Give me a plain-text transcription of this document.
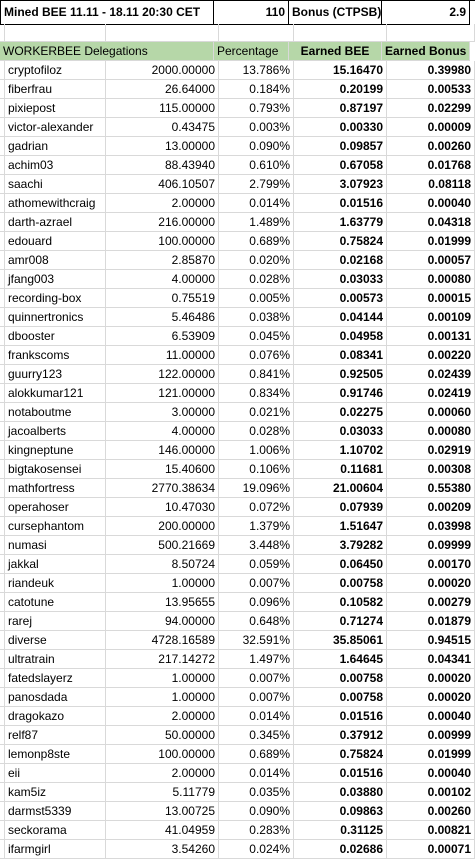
Mined BEE 11.11 - 18.11 20:30 CET	110 Bonus (CTPSB)	2.9
WORKERBEE Delegations	Percentage	Earned BEE	Earned Bonus
cryptofiloz	2000.00000	13.786%	15.16470	0.39980
fiberfrau	26.64000	0.184%	0.20199	0.00533
pixiepost	115.00000	0.793%	0.87197	0.02299
victor-alexander	0.43475	0.003%	0.00330	0.00009
gadrian	13.00000	0.090%	0.09857	0.00260
achim03	88.43940	0.610%	0.67058	0.01768
saachi	406.10507	2.799%	3.07923	0.08118
athomewithcraig	2.00000	0.014%	0.01516	0.00040
darth-azrael	216.00000	1.489%	1.63779	0.04318
edouard	100.00000	0.689%	0.75824	0.01999
amr008	2.85870	0.020%	0.02168	0.00057
jfang003	4.00000	0.028%	0.03033	0.00080
recording-box	0.75519	0.005%	0.00573	0.00015
quinnertronics	5.46486	0.038%	0.04144	0.00109
dbooster	6.53909	0.045%	0.04958	0.00131
frankscoms	11.00000	0.076%	0.08341	0.00220
guurry123	122.00000	0.841%	0.92505	0.02439
alokkumar121	121.00000	0.834%	0.91746	0.02419
notaboutme	3.00000	0.021%	0.02275	0.00060
jacoalberts	4.00000	0.028%	0.03033	0.00080
kingneptune	146.00000	1.006%	1.10702	0.02919
bigtakosensei	15.40600	0.106%	0.11681	0.00308
mathfortress	2770.38634	19.096%	21.00604	0.55380
operahoser	10.47030	0.072%	0.07939	0.00209
cursephantom	200.00000	1.379%	1.51647	0.03998
numasi	500.21669	3.448%	3.79282	0.09999
jakkal	8.50724	0.059%	0.06450	0.00170
riandeuk	1.00000	0.007%	0.00758	0.00020
catotune	13.95655	0.096%	0.10582	0.00279
rarej	94.00000	0.648%	0.71274	0.01879
diverse	4728.16589	32.591%	35.85061	0.94515
ultratrain	217.14272	1.497%	1.64645	0.04341
fatedslayerz	1.00000	0.007%	0.00758	0.00020
panosdada	1.00000	0.007%	0.00758	0.00020
dragokazo	2.00000	0.014%	0.01516	0.00040
relf87	50.00000	0.345%	0.37912	0.00999
lemonp8ste	100.00000	0.689%	0.75824	0.01999
eii	2.00000	0.014%	0.01516	0.00040
kam5iz	5.11779	0.035%	0.03880	0.00102
darmst5339	13.00725	0.090%	0.09863	0.00260
seckorama	41.04959	0.283%	0.31125	0.00821
ifarmgirl	3.54260	0.024%	0.02686	0.00071
